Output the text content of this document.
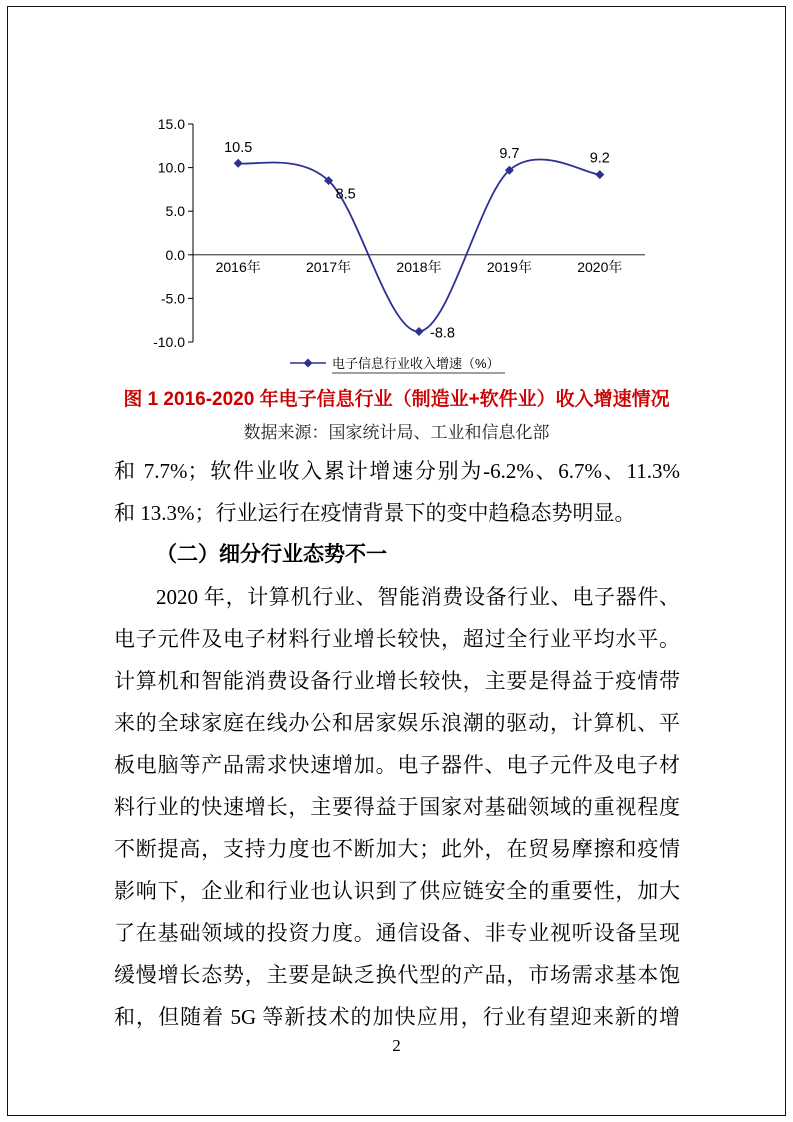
15.0
10.0
5.0
0.0
-5.0
-10.0
2016年	2017年	2018年	2019年	2020年
10.5
8.5
-8.8
9.7	9.2
电子信息行业收入增速（%）
图 1 2016-2020 年电子信息行业（制造业+软件业）收入增速情况
数据来源：国家统计局、工业和信息化部
和 7.7%；软件业收入累计增速分别为-6.2%、6.7%、11.3%
和 13.3%；行业运行在疫情背景下的变中趋稳态势明显。
（二）细分行业态势不一
2020 年，计算机行业、智能消费设备行业、电子器件、
电子元件及电子材料行业增长较快，超过全行业平均水平。
计算机和智能消费设备行业增长较快，主要是得益于疫情带
来的全球家庭在线办公和居家娱乐浪潮的驱动，计算机、平
板电脑等产品需求快速增加。电子器件、电子元件及电子材
料行业的快速增长，主要得益于国家对基础领域的重视程度
不断提高，支持力度也不断加大；此外，在贸易摩擦和疫情
影响下，企业和行业也认识到了供应链安全的重要性，加大
了在基础领域的投资力度。通信设备、非专业视听设备呈现
缓慢增长态势，主要是缺乏换代型的产品，市场需求基本饱
和，但随着 5G 等新技术的加快应用，行业有望迎来新的增
2
